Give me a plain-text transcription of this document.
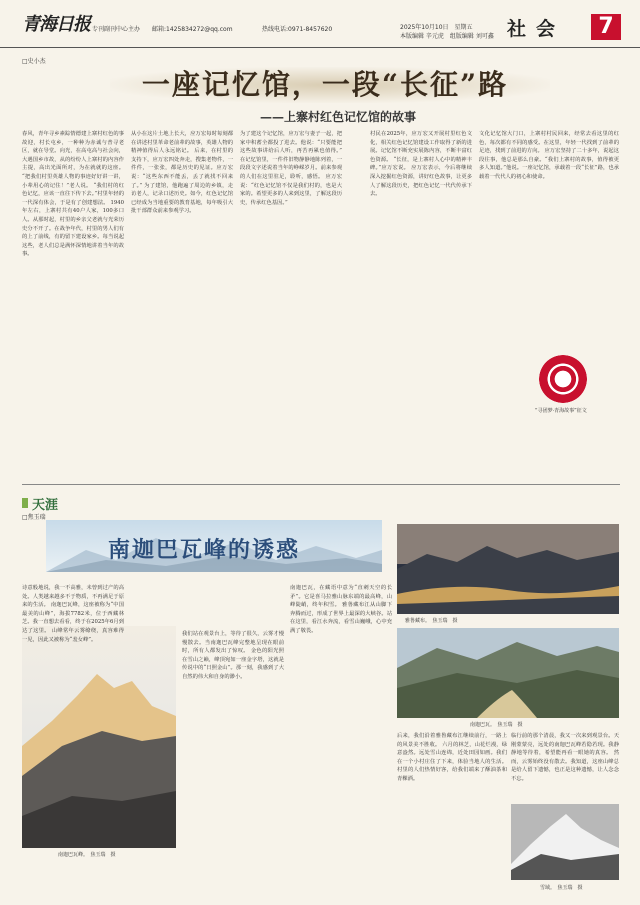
青海日报 专刊副刊中心主办 邮箱:1425834272@qq.com	热线电话:0971-8457620	2025年10月10日　星期五
本版编辑 辛元虎　组版编辑 刘可鑫 社会	7
□史小杰
一座记忆馆，一段“长征”路
——上寨村红色记忆馆的故事
春风，青年寻乡素踪情德建上寨村红色的事故迎，村长屯乡，一种种为赤诚与普寻老区，就在导堂。向光，在高屯高与社会向，大遇国乡市故，从的纷纷人上寨村的内容作主提，高出光面所对，为在就就的这座。 “把我们村里英雄人物的事迹好好讲一讲，小辈用心的记住！”老人说。 “我们村的红色记忆，应该一直往下传下去。”村里年轻的一代深有体会，于是有了创建想法。 1940年左右，上寨村共有40户人家，100多口人。从那时起，村里的乡亲父老就与光荣历史分不开了。在战争年代，村里的男人们有的上了前线，有的留下建设家乡。每当说起这些，老人们总是满怀深情地讲着当年的故事。
从小在这片土地上长大，应万宏每时每刻都在讲述村里革命老前辈的故事，英雄人物的精神值得后人永远铭记。 后来，在村里的支持下，应万宏四处奔走，搜集老物件，一件件，一张张，都是历史的见证。应万宏说：“这些东西不能丢，丢了就找不回来了。” 为了建馆，他跑遍了周边的乡镇，走访老人，记录口述历史。如今，红色记忆馆已经成为当地重要的教育基地，每年吸引大批干部群众前来参观学习。
为了建这个记忆馆，应万宏与妻子一起，把家中积蓄全都投了进去。他说：“只要能把这些故事讲给后人听，再苦再累也值得。” 在记忆馆里，一件件旧物静静地陈列着，一段段文字述说着当年的峥嵘岁月。前来参观的人们在这里驻足，聆听，感悟。 应万宏说：“红色记忆馆不仅是我们村的，也是大家的。希望更多的人来到这里，了解这段历史，传承红色基因。”
村民在2025年，应万宏又开展村里红色文化，相关红色记忆馆建设工作取得了新的进展。记忆馆不断充实展陈内容，不断丰富红色资源。 “长征，是上寨村人心中的精神丰碑。”应万宏说。 应万宏表示，今后将继续深入挖掘红色资源，讲好红色故事，让更多人了解这段历史，把红色记忆一代代传承下去。
文化记忆馆大门口，上寨村村民回来，经常去看这里的红色，每次都有不同的感受。在这里，年轻一代找到了前辈的足迹，找到了前进的方向。 应万宏坚持了二十多年，说起这段往事，他总是那么自豪。“我们上寨村的故事，值得被更多人知道。”他说。一座记忆馆，承载着一段“长征”路，也承载着一代代人的初心和使命。
“寻团梦·青海故事”征文
天涯
□焦玉瑞
南迦巴瓦峰的诱惑
南迦巴瓦峰。　焦玉瑞　摄
诗意般地说，我一不高雅，未曾到过产的高处。人类越来越多不于物质，不再满足于原来的生活。 南迦巴瓦峰，这座被称为“中国最美的山峰”，海拔7782米，位于西藏林芝。我一直想去看看，终于在2025年6月到达了这里。 山峰常年云雾缭绕，真容难得一见，因此又被称为“羞女峰”。
我们站在观景台上，等待了很久，云雾才慢慢散去。当南迦巴瓦峰完整地呈现在眼前时，所有人都发出了惊叹。 金色的阳光照在雪山之巅，峰顶宛如一座金字塔，这就是传说中的“日照金山”。那一刻，我感到了大自然的伟大和自身的渺小。
南迦巴瓦，在藏语中意为“直刺天空的长矛”。它是喜马拉雅山脉东端的最高峰，山峰陡峭，终年积雪。 雅鲁藏布江从山脚下奔腾而过，形成了世界上最深的大峡谷。站在这里，看江水奔流，看雪山巍峨，心中充满了敬畏。
雅鲁藏布。　焦玉瑞　摄
南迦巴瓦。　焦玉瑞　摄
后来，我们沿着雅鲁藏布江继续前行，一路上的风景美不胜收。 六月的林芝，山花烂漫，绿意盎然。远处雪山连绵，近处田园如画。我们在一个小村庄住了下来，体验当地人的生活。 村里的人们热情好客，给我们端来了酥油茶和青稞酒。
临行前的那个清晨，我又一次来到观景台。天刚蒙蒙亮，远处的南迦巴瓦峰若隐若现。我静静地等待着，希望能再看一眼她的真容。 然而，云雾始终没有散去。我知道，这座山峰总是给人留下遗憾，也正是这种遗憾，让人念念不忘。
雪域。　焦玉瑞　摄
